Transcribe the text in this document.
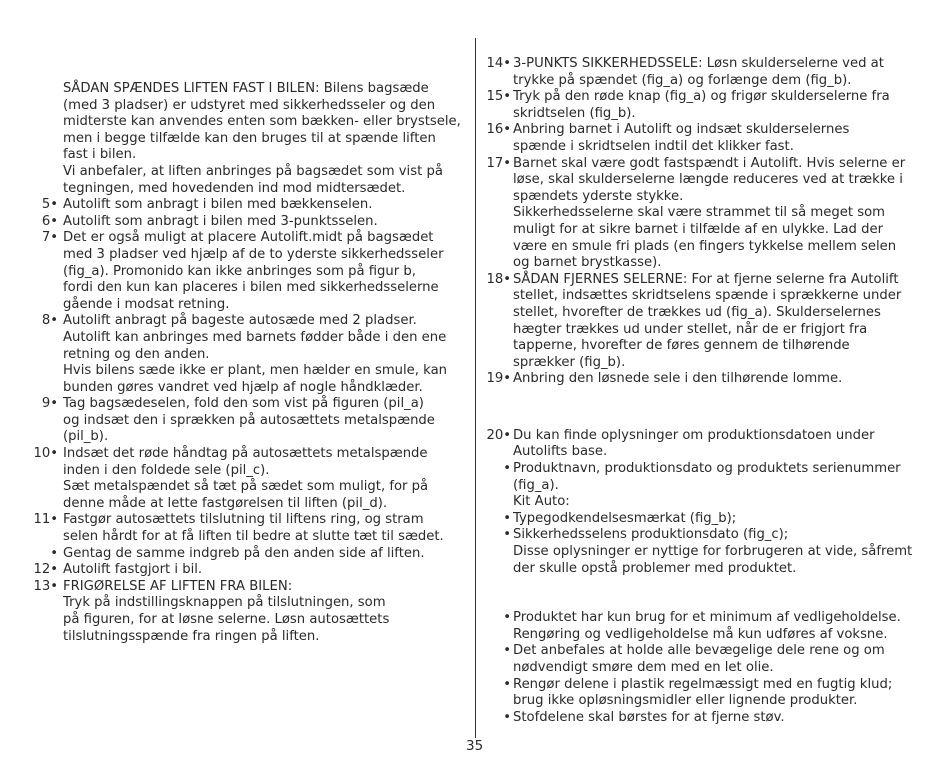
SÅDAN SPÆNDES LIFTEN FAST I BILEN: Bilens bagsæde
(med 3 pladser) er udstyret med sikkerhedsseler og den
midterste kan anvendes enten som bækken- eller brystsele,
men i begge tilfælde kan den bruges til at spænde liften
fast i bilen.
Vi anbefaler, at liften anbringes på bagsædet som vist på
tegningen, med hovedenden ind mod midtersædet.
5• Autolift som anbragt i bilen med bækkenselen.
6• Autolift som anbragt i bilen med 3-punktsselen.
7• Det er også muligt at placere Autolift.midt på bagsædet
med 3 pladser ved hjælp af de to yderste sikkerhedsseler
(fig_a). Promonido kan ikke anbringes som på figur b,
fordi den kun kan placeres i bilen med sikkerhedsselerne
gående i modsat retning.
8• Autolift anbragt på bageste autosæde med 2 pladser.
Autolift kan anbringes med barnets fødder både i den ene
retning og den anden.
Hvis bilens sæde ikke er plant, men hælder en smule, kan
bunden gøres vandret ved hjælp af nogle håndklæder.
9• Tag bagsædeselen, fold den som vist på figuren (pil_a)
og indsæt den i sprækken på autosættets metalspænde
(pil_b).
10• Indsæt det røde håndtag på autosættets metalspænde
inden i den foldede sele (pil_c).
Sæt metalspændet så tæt på sædet som muligt, for på
denne måde at lette fastgørelsen til liften (pil_d).
11• Fastgør autosættets tilslutning til liftens ring, og stram
selen hårdt for at få liften til bedre at slutte tæt til sædet.
• Gentag de samme indgreb på den anden side af liften.
12• Autolift fastgjort i bil.
13• FRIGØRELSE AF LIFTEN FRA BILEN:
Tryk på indstillingsknappen på tilslutningen, som
på figuren, for at løsne selerne. Løsn autosættets
tilslutningsspænde fra ringen på liften.
14• 3-PUNKTS SIKKERHEDSSELE: Løsn skulderselerne ved at
trykke på spændet (fig_a) og forlænge dem (fig_b).
15• Tryk på den røde knap (fig_a) og frigør skulderselerne fra
skridtselen (fig_b).
16• Anbring barnet i Autolift og indsæt skulderselernes
spænde i skridtselen indtil det klikker fast.
17• Barnet skal være godt fastspændt i Autolift. Hvis selerne er
løse, skal skulderselerne længde reduceres ved at trække i
spændets yderste stykke.
Sikkerhedsselerne skal være strammet til så meget som
muligt for at sikre barnet i tilfælde af en ulykke. Lad der
være en smule fri plads (en fingers tykkelse mellem selen
og barnet brystkasse).
18• SÅDAN FJERNES SELERNE: For at fjerne selerne fra Autolift
stellet, indsættes skridtselens spænde i sprækkerne under
stellet, hvorefter de trækkes ud (fig_a). Skulderselernes
hægter trækkes ud under stellet, når de er frigjort fra
tapperne, hvorefter de føres gennem de tilhørende
sprækker (fig_b).
19• Anbring den løsnede sele i den tilhørende lomme.
20• Du kan finde oplysninger om produktionsdatoen under
Autolifts base.
• Produktnavn, produktionsdato og produktets serienummer
(fig_a).
Kit Auto:
• Typegodkendelsesmærkat (fig_b);
• Sikkerhedsselens produktionsdato (fig_c);
Disse oplysninger er nyttige for forbrugeren at vide, såfremt
der skulle opstå problemer med produktet.
• Produktet har kun brug for et minimum af vedligeholdelse.
Rengøring og vedligeholdelse må kun udføres af voksne.
• Det anbefales at holde alle bevægelige dele rene og om
nødvendigt smøre dem med en let olie.
• Rengør delene i plastik regelmæssigt med en fugtig klud;
brug ikke opløsningsmidler eller lignende produkter.
• Stofdelene skal børstes for at fjerne støv.
35
